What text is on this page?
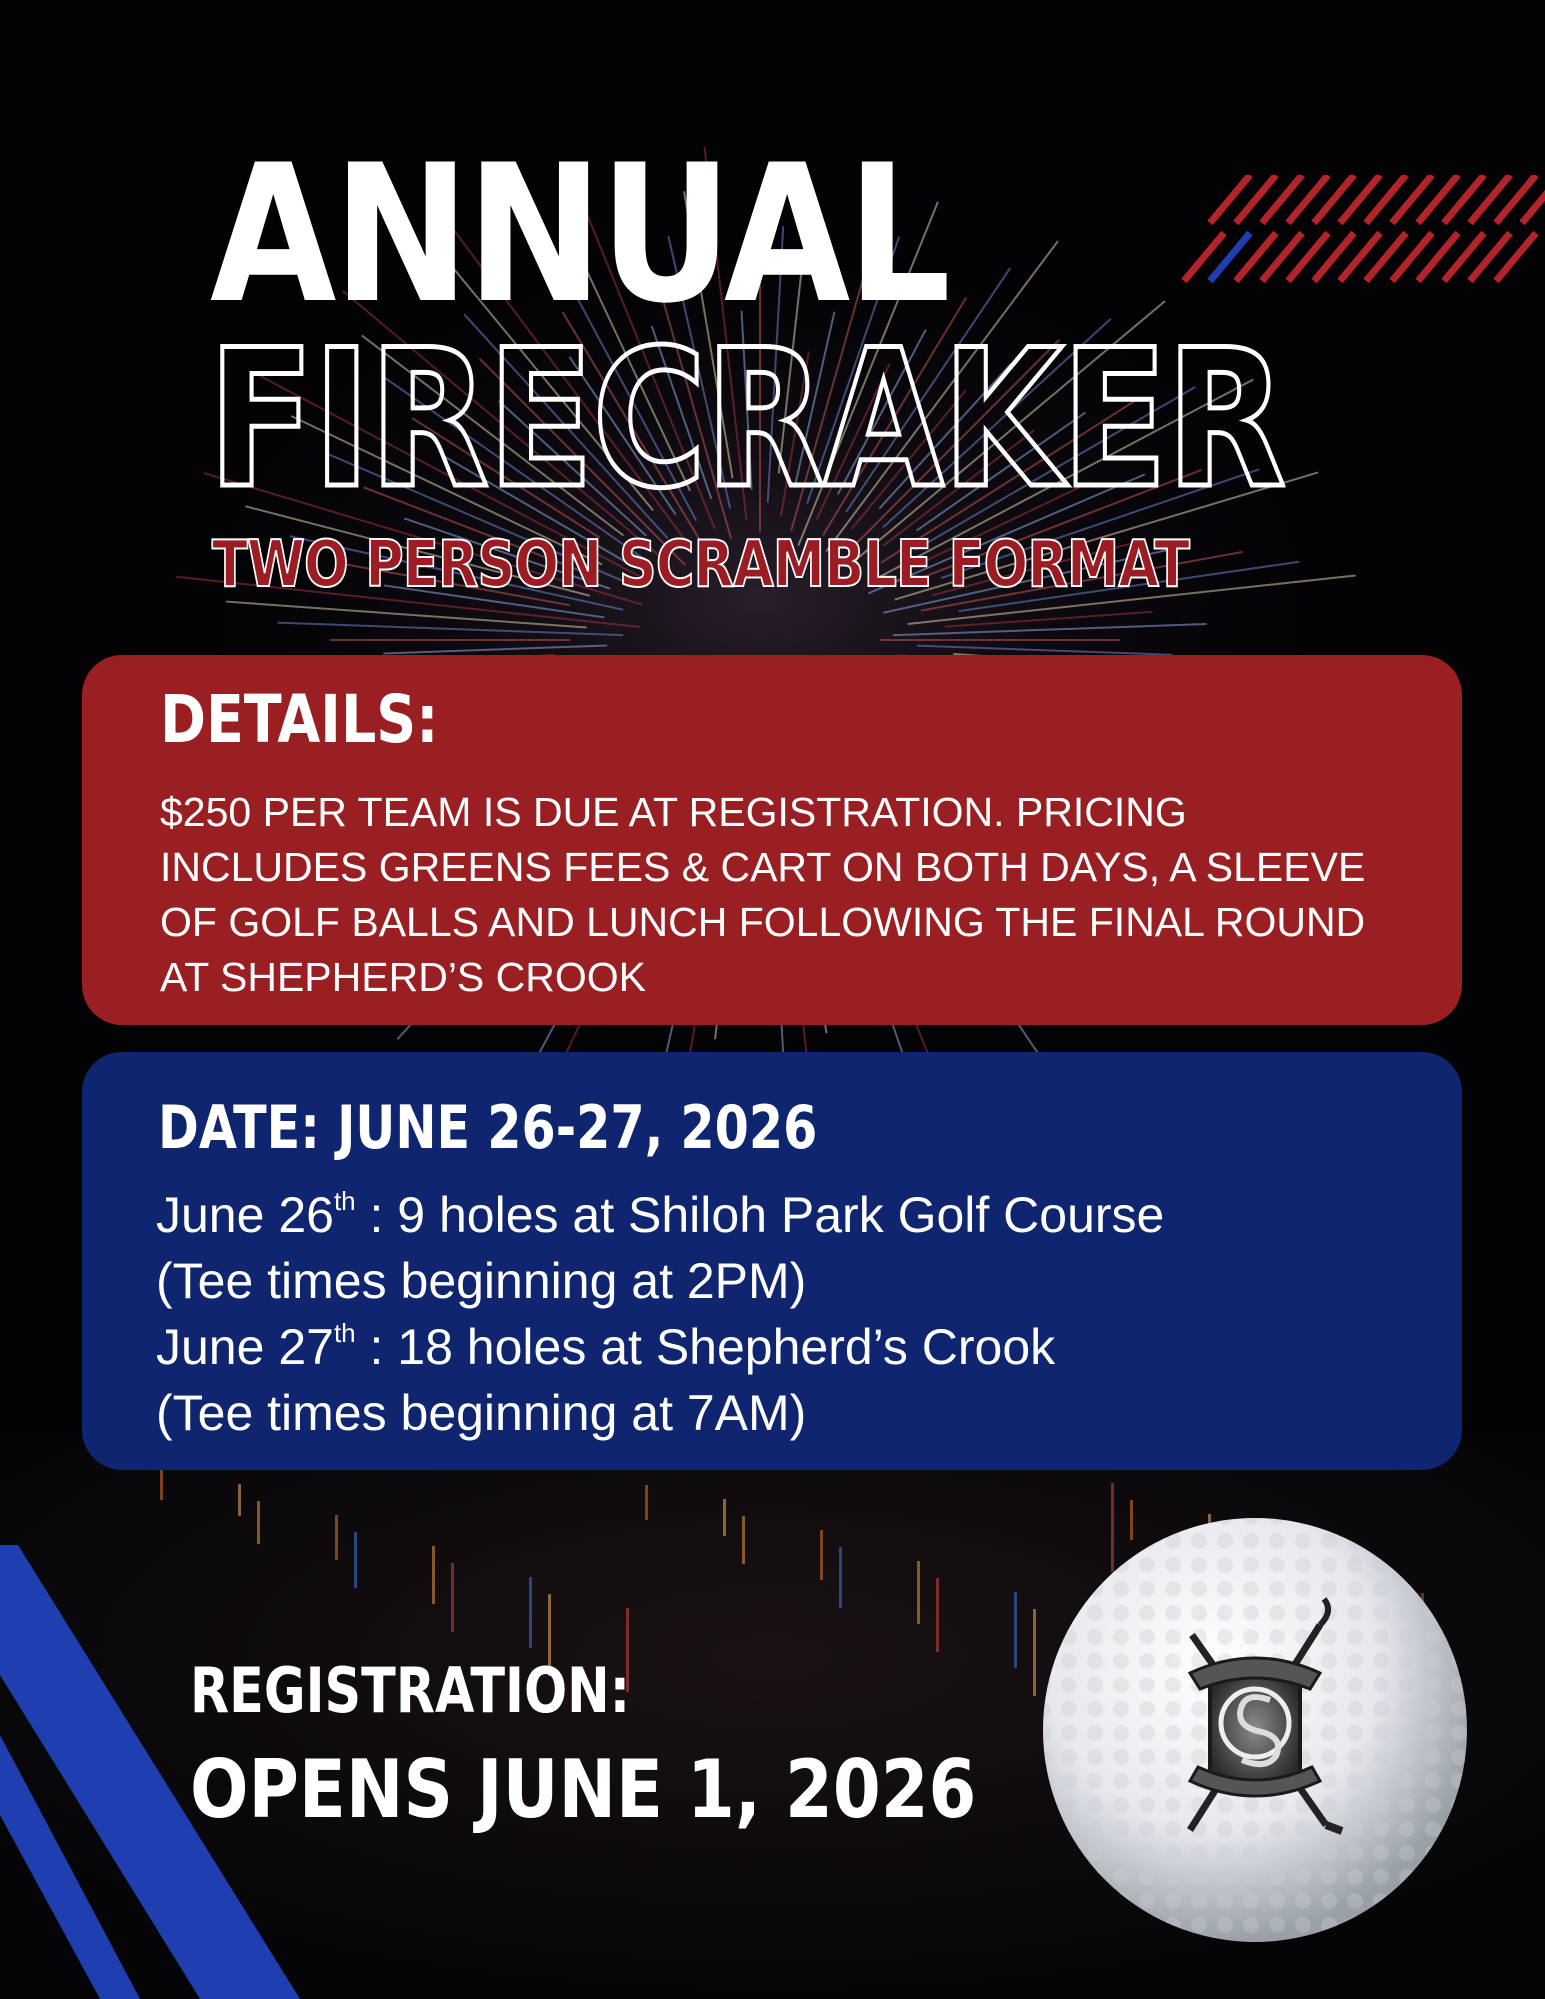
ANNUAL
FIRECRAKER
TWO PERSON SCRAMBLE FORMAT
DETAILS:
$250 PER TEAM IS DUE AT REGISTRATION. PRICING INCLUDES GREENS FEES & CART ON BOTH DAYS, A SLEEVE OF GOLF BALLS AND LUNCH FOLLOWING THE FINAL ROUND AT SHEPHERD’S CROOK
DATE: JUNE 26-27, 2026
June 26th : 9 holes at Shiloh Park Golf Course
(Tee times beginning at 2PM)
June 27th : 18 holes at Shepherd’s Crook
(Tee times beginning at 7AM)
REGISTRATION:
OPENS JUNE 1, 2026
